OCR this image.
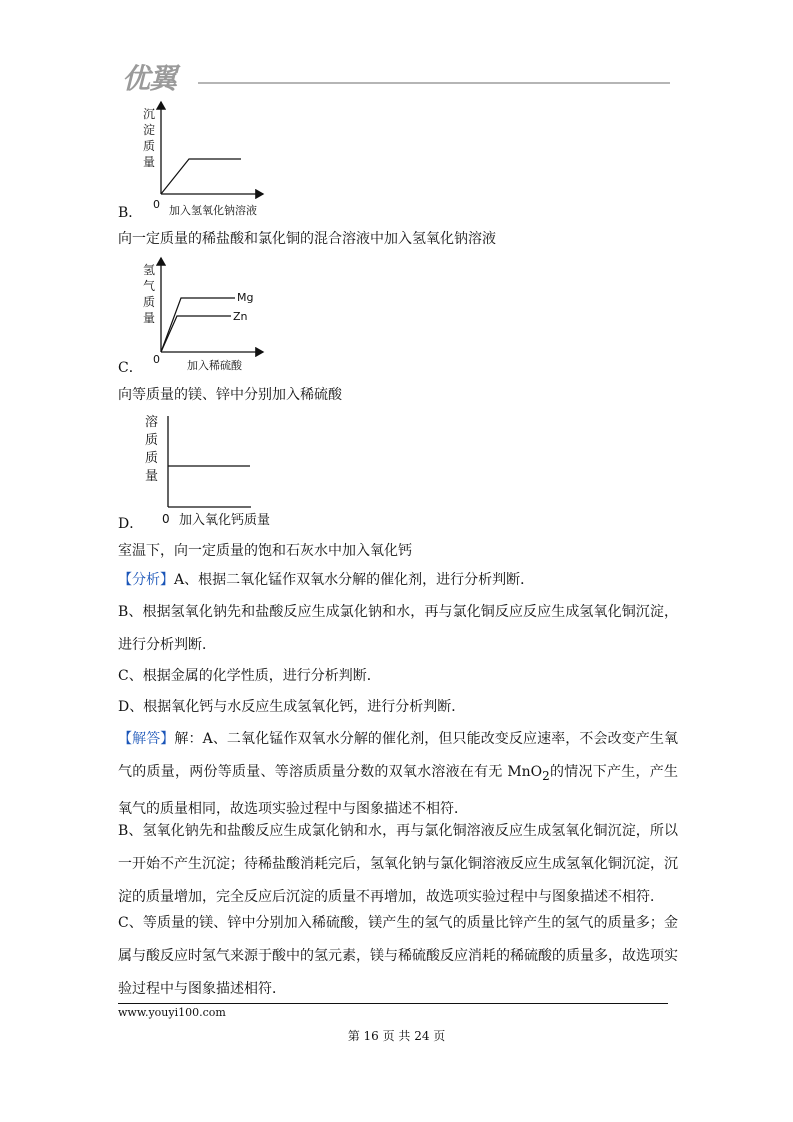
优翼
沉
淀
质
量
0 加入氢氧化钠溶液
B．
向一定质量的稀盐酸和氯化铜的混合溶液中加入氢氧化钠溶液
Mg
Zn
氢
气
质
量
0 加入稀硫酸
C．
向等质量的镁、锌中分别加入稀硫酸
溶
质
质
量
0 加入氧化钙质量
D．
室温下，向一定质量的饱和石灰水中加入氧化钙
【分析】A、根据二氧化锰作双氧水分解的催化剂，进行分析判断．
B、根据氢氧化钠先和盐酸反应生成氯化钠和水，再与氯化铜反应反应生成氢氧化铜沉淀，进行分析判断．
C、根据金属的化学性质，进行分析判断．
D、根据氧化钙与水反应生成氢氧化钙，进行分析判断．
【解答】解：A、二氧化锰作双氧水分解的催化剂，但只能改变反应速率，不会改变产生氧气的质量，两份等质量、等溶质质量分数的双氧水溶液在有无 MnO$_2$的情况下产生，产生氧气的质量相同，故选项实验过程中与图象描述不相符．
B、氢氧化钠先和盐酸反应生成氯化钠和水，再与氯化铜溶液反应生成氢氧化铜沉淀，所以一开始不产生沉淀；待稀盐酸消耗完后，氢氧化钠与氯化铜溶液反应生成氢氧化铜沉淀，沉淀的质量增加，完全反应后沉淀的质量不再增加，故选项实验过程中与图象描述不相符．
C、等质量的镁、锌中分别加入稀硫酸，镁产生的氢气的质量比锌产生的氢气的质量多；金属与酸反应时氢气来源于酸中的氢元素，镁与稀硫酸反应消耗的稀硫酸的质量多，故选项实验过程中与图象描述相符．
www.youyi100.com
第 16 页 共 24 页
